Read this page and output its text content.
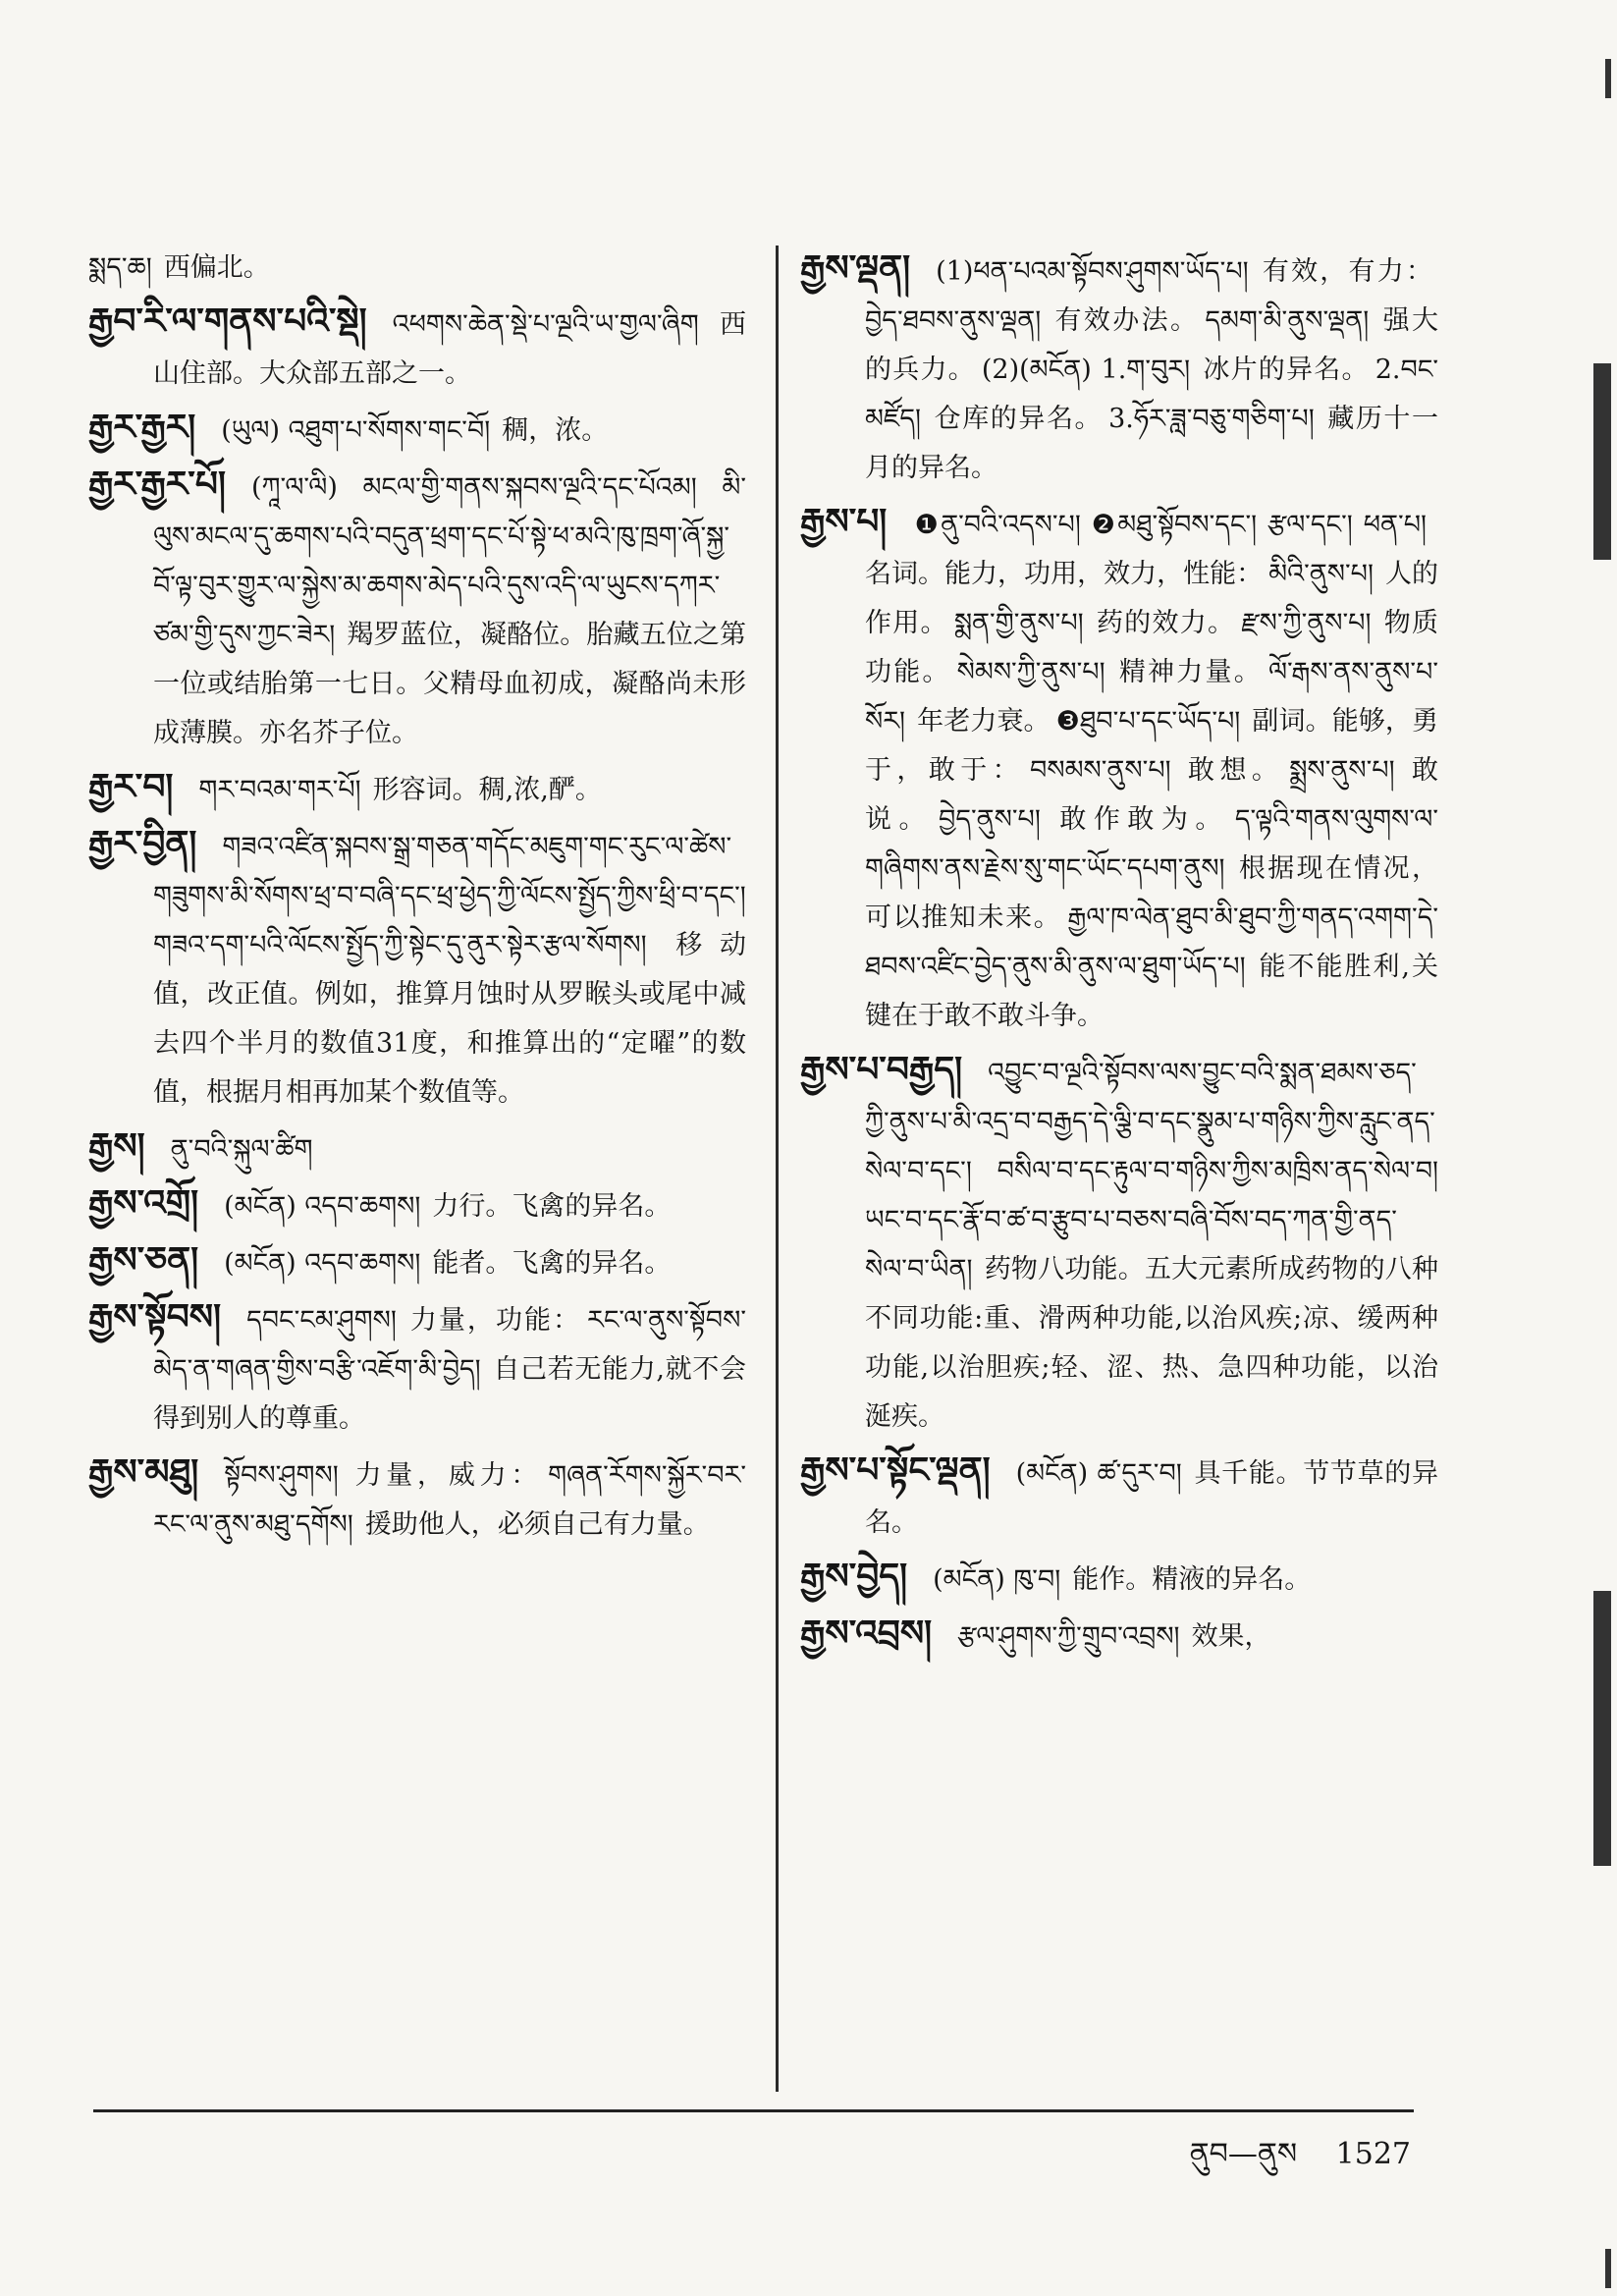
སྨད་ཆ། 西偏北。

རྒྱབ་རི་ལ་གནས་པའི་སྡེ། འཕགས་ཆེན་སྡེ་པ་ལྔའི་ཡ་གྱལ་ཞིག 西山住部。大众部五部之一。

རྒྱར་རྒྱར། (ཡུལ) འཐུག་པ་སོགས་གང་བོ། 稠，浓。

རྒྱར་རྒྱར་པོ། (ཀཱ་ལ་ལི) མངལ་གྱི་གནས་སྐབས་ལྔའི་དང་པོའམ། མི་ལུས་མངལ་དུ་ཆགས་པའི་བདུན་ཕྲག་དང་པོ་སྟེ་ཕ་མའི་ཁུ་ཁྲག་ཞོ་སྐྱ་བོ་ལྟ་བུར་གྱུར་ལ་སྐྱེས་མ་ཆགས་མེད་པའི་དུས་འདི་ལ་ཡུངས་དཀར་ཙམ་གྱི་དུས་ཀྱང་ཟེར། 羯罗蓝位，凝酪位。胎藏五位之第一位或结胎第一七日。父精母血初成，凝酪尚未形成薄膜。亦名芥子位。

རྒྱར་བ། གར་བའམ་གར་པོ། 形容词。稠,浓,酽。

རྒྱར་བྱིན། གཟའ་འཛིན་སྐབས་སྒྲ་གཅན་གདོང་མཇུག་གང་རུང་ལ་ཚེས་གཟུགས་མི་སོགས་ཕྲ་བ་བཞི་དང་ཕྲ་ཕྱེད་ཀྱི་ལོངས་སྤྱོད་ཀྱིས་ཕྲི་བ་དང་། གཟའ་དག་པའི་ལོངས་སྤྱོད་ཀྱི་སྟེང་དུ་ནུར་སྟེར་རྩལ་སོགས། 移动值，改正值。例如，推算月蚀时从罗睺头或尾中减去四个半月的数值31度，和推算出的“定曜”的数值，根据月相再加某个数值等。

རྒྱས། ནུ་བའི་སྐུལ་ཚིག

རྒྱས་འགྲོ། (མངོན) འདབ་ཆགས། 力行。飞禽的异名。

རྒྱས་ཅན། (མངོན) འདབ་ཆགས། 能者。飞禽的异名。

རྒྱས་སྟོབས། དབང་ངམ་ཤུགས། 力量，功能： རང་ལ་ནུས་སྟོབས་མེད་ན་གཞན་གྱིས་བརྩི་འཇོག་མི་བྱེད། 自己若无能力,就不会得到别人的尊重。

རྒྱས་མཐུ། སྟོབས་ཤུགས། 力量，威力： གཞན་རོགས་སྐྱོར་བར་རང་ལ་ནུས་མཐུ་དགོས། 援助他人，必须自己有力量。

རྒྱས་ལྡན། (1)ཕན་པའམ་སྟོབས་ཤུགས་ཡོད་པ། 有效，有力：བྱེད་ཐབས་ནུས་ལྡན། 有效办法。 དམག་མི་ནུས་ལྡན། 强大的兵力。 (2)(མངོན) 1.ག་བུར། 冰片的异名。 2.བང་མཛོད། 仓库的异名。 3.ཧོར་ཟླ་བཅུ་གཅིག་པ། 藏历十一月的异名。

རྒྱས་པ། ❶ནུ་བའི་འདས་པ། ❷མཐུ་སྟོབས་དང་། རྩལ་དང་། ཕན་པ།名词。能力，功用，效力，性能： མིའི་ནུས་པ། 人的作用。 སྨན་གྱི་ནུས་པ། 药的效力。 རྫས་ཀྱི་ནུས་པ། 物质功能。 སེམས་ཀྱི་ནུས་པ། 精神力量。 ལོ་རྒས་ནས་ནུས་པ་སོར། 年老力衰。 ❸ཐུབ་པ་དང་ཡོད་པ། 副词。能够，勇于，敢于： བསམས་ནུས་པ། 敢想。 སྨྲས་ནུས་པ། 敢说。 བྱེད་ནུས་པ། 敢作敢为。 ད་ལྟའི་གནས་ལུགས་ལ་གཞིགས་ནས་རྗེས་སུ་གང་ཡོང་དཔག་ནུས། 根据现在情况，可以推知未来。 རྒྱལ་ཁ་ལེན་ཐུབ་མི་ཐུབ་ཀྱི་གནད་འགག་དེ་ཐབས་འཛིང་བྱེད་ནུས་མི་ནུས་ལ་ཐུག་ཡོད་པ། 能不能胜利,关键在于敢不敢斗争。

རྒྱས་པ་བརྒྱད། འབྱུང་བ་ལྔའི་སྟོབས་ལས་བྱུང་བའི་སྨན་ཐམས་ཅད་ཀྱི་ནུས་པ་མི་འདྲ་བ་བརྒྱད་དེ་ལྕི་བ་དང་སྣུམ་པ་གཉིས་ཀྱིས་རླུང་ནད་སེལ་བ་དང་། བསིལ་བ་དང་རྟུལ་བ་གཉིས་ཀྱིས་མཁྲིས་ནད་སེལ་བ། ཡང་བ་དང་རྣོ་བ་ཚ་བ་རྩུབ་པ་བཅས་བཞི་བོས་བད་ཀན་གྱི་ནད་སེལ་བ་ཡིན། 药物八功能。五大元素所成药物的八种不同功能:重、滑两种功能,以治风疾;凉、缓两种功能,以治胆疾;轻、涩、热、急四种功能，以治涎疾。

རྒྱས་པ་སྟོང་ལྡན། (མངོན) ཚ་དུར་བ། 具千能。节节草的异名。

རྒྱས་བྱེད། (མངོན) ཁུ་བ། 能作。精液的异名。

རྒྱས་འབྲས། རྩལ་ཤུགས་ཀྱི་གྲུབ་འབྲས། 效果，

ནུབ—ནུས 1527
